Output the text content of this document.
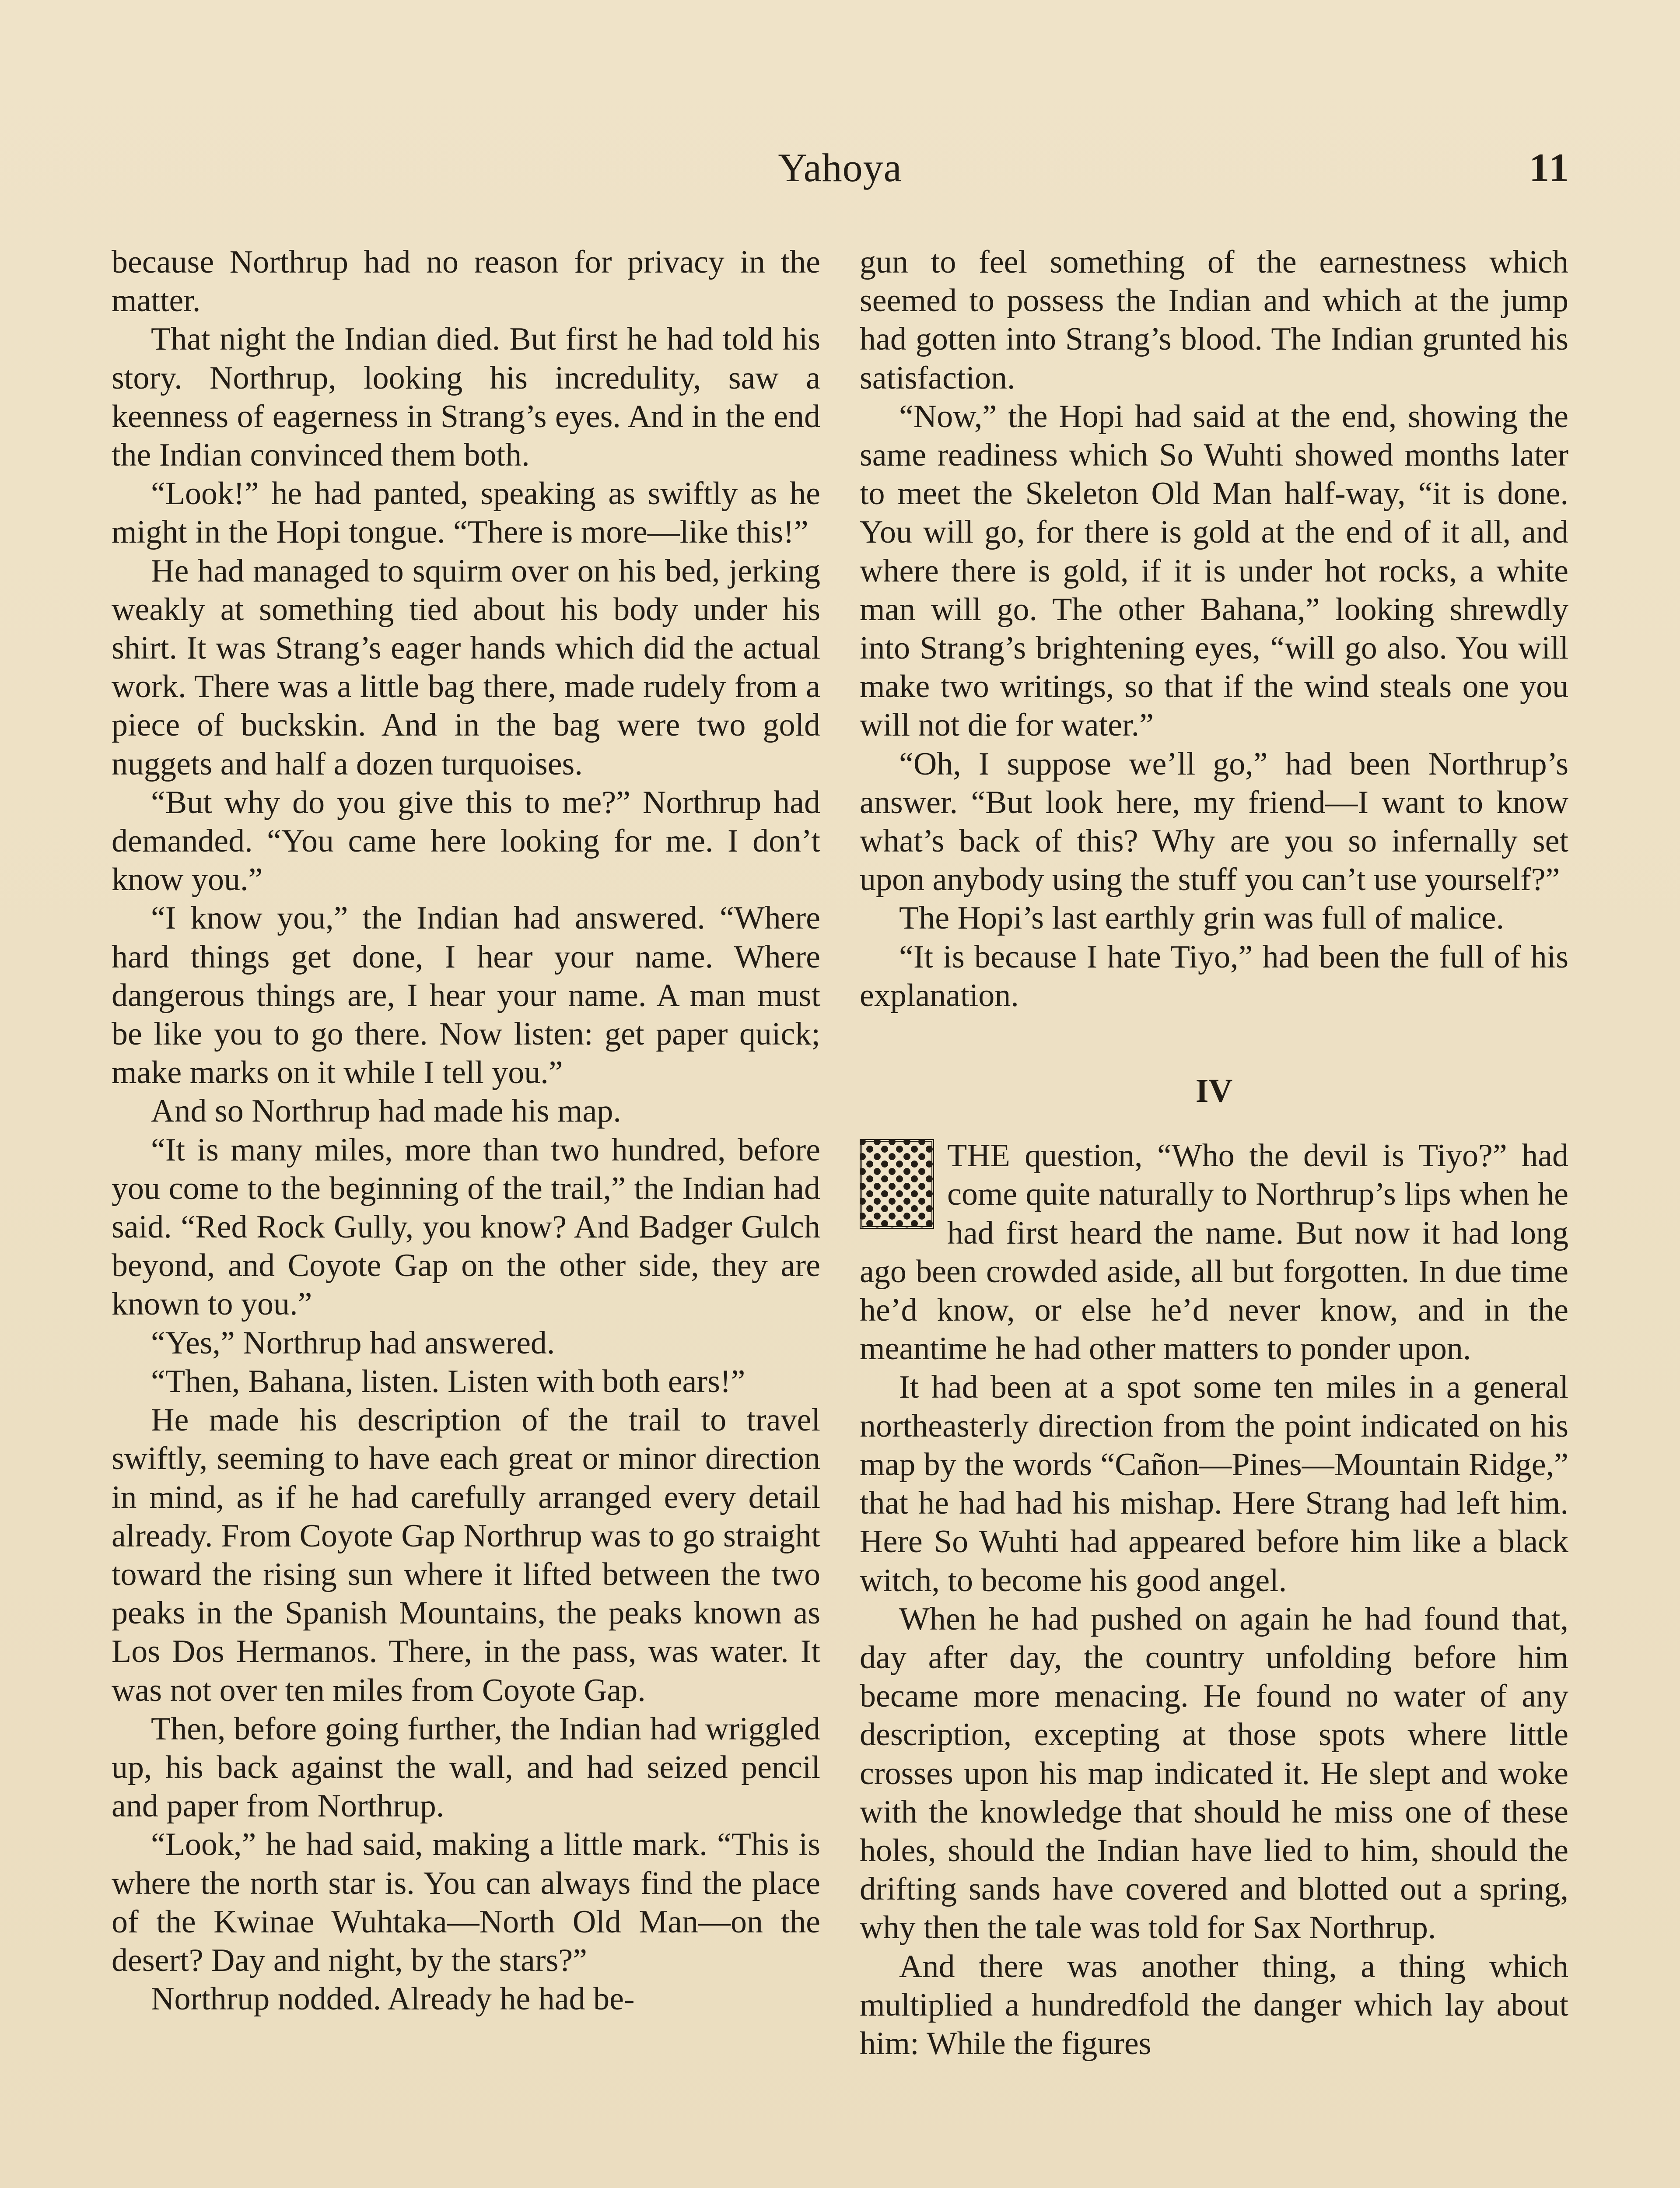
Yahoya	11

because Northrup had no reason for privacy in the matter.

That night the Indian died. But first he had told his story. Northrup, looking his incredulity, saw a keenness of eagerness in Strang’s eyes. And in the end the Indian convinced them both.

“Look!” he had panted, speaking as swiftly as he might in the Hopi tongue. “There is more—like this!”

He had managed to squirm over on his bed, jerking weakly at something tied about his body under his shirt. It was Strang’s eager hands which did the actual work. There was a little bag there, made rudely from a piece of buckskin. And in the bag were two gold nuggets and half a dozen turquoises.

“But why do you give this to me?” Northrup had demanded. “You came here looking for me. I don’t know you.”

“I know you,” the Indian had answered. “Where hard things get done, I hear your name. Where dangerous things are, I hear your name. A man must be like you to go there. Now listen: get paper quick; make marks on it while I tell you.”

And so Northrup had made his map.

“It is many miles, more than two hundred, before you come to the beginning of the trail,” the Indian had said. “Red Rock Gully, you know? And Badger Gulch beyond, and Coyote Gap on the other side, they are known to you.”

“Yes,” Northrup had answered.

“Then, Bahana, listen. Listen with both ears!”

He made his description of the trail to travel swiftly, seeming to have each great or minor direction in mind, as if he had carefully arranged every detail already. From Coyote Gap Northrup was to go straight toward the rising sun where it lifted between the two peaks in the Spanish Mountains, the peaks known as Los Dos Hermanos. There, in the pass, was water. It was not over ten miles from Coyote Gap.

Then, before going further, the Indian had wriggled up, his back against the wall, and had seized pencil and paper from Northrup.

“Look,” he had said, making a little mark. “This is where the north star is. You can always find the place of the Kwinae Wuhtaka—North Old Man—on the desert? Day and night, by the stars?”

Northrup nodded. Already he had be-

gun to feel something of the earnestness which seemed to possess the Indian and which at the jump had gotten into Strang’s blood. The Indian grunted his satisfaction.

“Now,” the Hopi had said at the end, showing the same readiness which So Wuhti showed months later to meet the Skeleton Old Man half-way, “it is done. You will go, for there is gold at the end of it all, and where there is gold, if it is under hot rocks, a white man will go. The other Bahana,” looking shrewdly into Strang’s brightening eyes, “will go also. You will make two writings, so that if the wind steals one you will not die for water.”

“Oh, I suppose we’ll go,” had been Northrup’s answer. “But look here, my friend—I want to know what’s back of this? Why are you so infernally set upon anybody using the stuff you can’t use yourself?”

The Hopi’s last earthly grin was full of malice.

“It is because I hate Tiyo,” had been the full of his explanation.

IV

THE question, “Who the devil is Tiyo?” had come quite naturally to Northrup’s lips when he had first heard the name. But now it had long ago been crowded aside, all but forgotten. In due time he’d know, or else he’d never know, and in the meantime he had other matters to ponder upon.

It had been at a spot some ten miles in a general northeasterly direction from the point indicated on his map by the words “Cañon—Pines—Mountain Ridge,” that he had had his mishap. Here Strang had left him. Here So Wuhti had appeared before him like a black witch, to become his good angel.

When he had pushed on again he had found that, day after day, the country unfolding before him became more menacing. He found no water of any description, excepting at those spots where little crosses upon his map indicated it. He slept and woke with the knowledge that should he miss one of these holes, should the Indian have lied to him, should the drifting sands have covered and blotted out a spring, why then the tale was told for Sax Northrup.

And there was another thing, a thing which multiplied a hundredfold the danger which lay about him: While the figures
